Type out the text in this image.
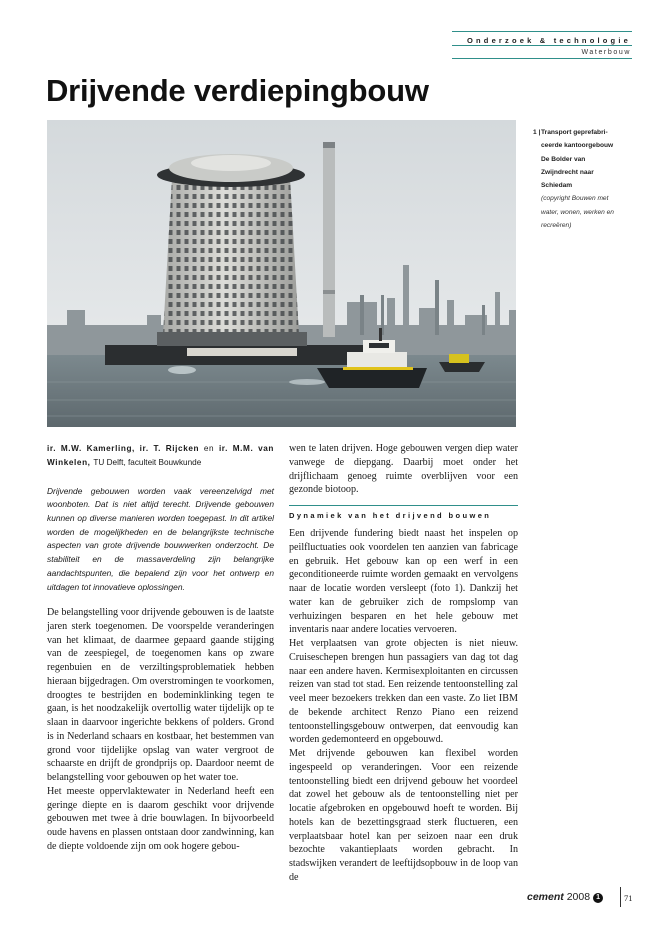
Onderzoek & technologie
Waterbouw
Drijvende verdiepingbouw
1 | Transport geprefabri-
ceerde kantoorgebouw
De Bolder van
Zwijndrecht naar
Schiedam
(copyright Bouwen met
water, wonen, werken en
recreëren)

ir. M.W. Kamerling, ir. T. Rijcken en ir. M.M. van Winkelen, TU Delft, faculteit Bouwkunde

Drijvende gebouwen worden vaak vereenzelvigd met woonboten. Dat is niet altijd terecht. Drijvende gebouwen kunnen op diverse manieren worden toegepast. In dit artikel worden de mogelijkheden en de belangrijkste technische aspecten van grote drijvende bouwwerken onderzocht. De stabiliteit en de massaverdeling zijn belangrijke aandachtspunten, die bepalend zijn voor het ontwerp en uitdagen tot innovatieve oplossingen.

De belangstelling voor drijvende gebouwen is de laatste jaren sterk toegenomen. De voorspelde veranderingen van het klimaat, de daarmee gepaard gaande stijging van de zeespiegel, de toegenomen kans op zware regenbuien en de verziltingsproblematiek hebben hieraan bijgedragen. Om overstromingen te voorkomen, droogtes te bestrijden en bodeminklinking tegen te gaan, is het noodzakelijk overtollig water tijdelijk op te slaan in daarvoor ingerichte bekkens of polders. Grond is in Nederland schaars en kostbaar, het bestemmen van grond voor tijdelijke opslag van water vergroot de schaarste en drijft de grondprijs op. Daardoor neemt de belangstelling voor gebouwen op het water toe.

Het meeste oppervlaktewater in Nederland heeft een geringe diepte en is daarom geschikt voor drijvende gebouwen met twee à drie bouwlagen. In bijvoorbeeld oude havens en plassen ontstaan door zandwinning, kan de diepte voldoende zijn om ook hogere gebou-

wen te laten drijven. Hoge gebouwen vergen diep water vanwege de diepgang. Daarbij moet onder het drijflichaam genoeg ruimte overblijven voor een gezonde biotoop.

Dynamiek van het drijvend bouwen

Een drijvende fundering biedt naast het inspelen op peilfluctuaties ook voordelen ten aanzien van fabricage en gebruik. Het gebouw kan op een werf in een geconditioneerde ruimte worden gemaakt en vervolgens naar de locatie worden versleept (foto 1). Dankzij het water kan de gebruiker zich de rompslomp van verhuizingen besparen en het hele gebouw met inventaris naar andere locaties vervoeren.

Het verplaatsen van grote objecten is niet nieuw. Cruiseschepen brengen hun passagiers van dag tot dag naar een andere haven. Kermisexploitanten en circussen reizen van stad tot stad. Een reizende tentoonstelling zal veel meer bezoekers trekken dan een vaste. Zo liet IBM de bekende architect Renzo Piano een reizend tentoonstellingsgebouw ontwerpen, dat eenvoudig kan worden gedemonteerd en opgebouwd.

Met drijvende gebouwen kan flexibel worden ingespeeld op veranderingen. Voor een reizende tentoonstelling biedt een drijvend gebouw het voordeel dat zowel het gebouw als de tentoonstelling niet per locatie afgebroken en opgebouwd hoeft te worden. Bij hotels kan de bezettingsgraad sterk fluctueren, een verplaatsbaar hotel kan per seizoen naar een druk bezochte vakantieplaats worden gebracht. In stadswijken verandert de leeftijdsopbouw in de loop van de

cement 2008 1	71
